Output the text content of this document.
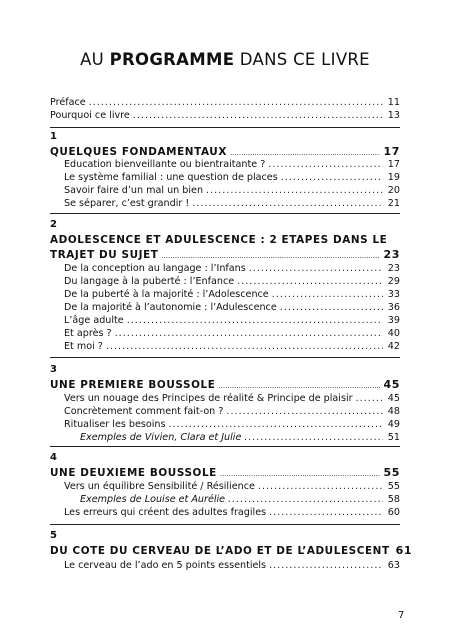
AU PROGRAMME DANS CE LIVRE
Préface .....	11
Pourquoi ce livre .....	13
1
QUELQUES FONDAMENTAUX .....	17
Education bienveillante ou bientraitante ? .....	17
Le système familial : une question de places .....	19
Savoir faire d’un mal un bien .....	20
Se séparer, c’est grandir ! .....	21
2
ADOLESCENCE ET ADULESCENCE : 2 ETAPES DANS LE
TRAJET DU SUJET .....	23
De la conception au langage : l’Infans .....	23
Du langage à la puberté : l’Enfance .....	29
De la puberté à la majorité : l’Adolescence .....	33
De la majorité à l’autonomie : l’Adulescence .....	36
L’âge adulte .....	39
Et après ? .....	40
Et moi ? .....	42
3
UNE PREMIERE BOUSSOLE .....	45
Vers un nouage des Principes de réalité & Principe de plaisir .....	45
Concrètement comment fait-on ? .....	48
Ritualiser les besoins .....	49
Exemples de Vivien, Clara et Julie .....	51
4
UNE DEUXIEME BOUSSOLE .....	55
Vers un équilibre Sensibilité / Résilience .....	55
Exemples de Louise et Aurélie .....	58
Les erreurs qui créent des adultes fragiles .....	60
5
DU COTE DU CERVEAU DE L’ADO ET DE L’ADULESCENT 61
Le cerveau de l’ado en 5 points essentiels .....	63
7
